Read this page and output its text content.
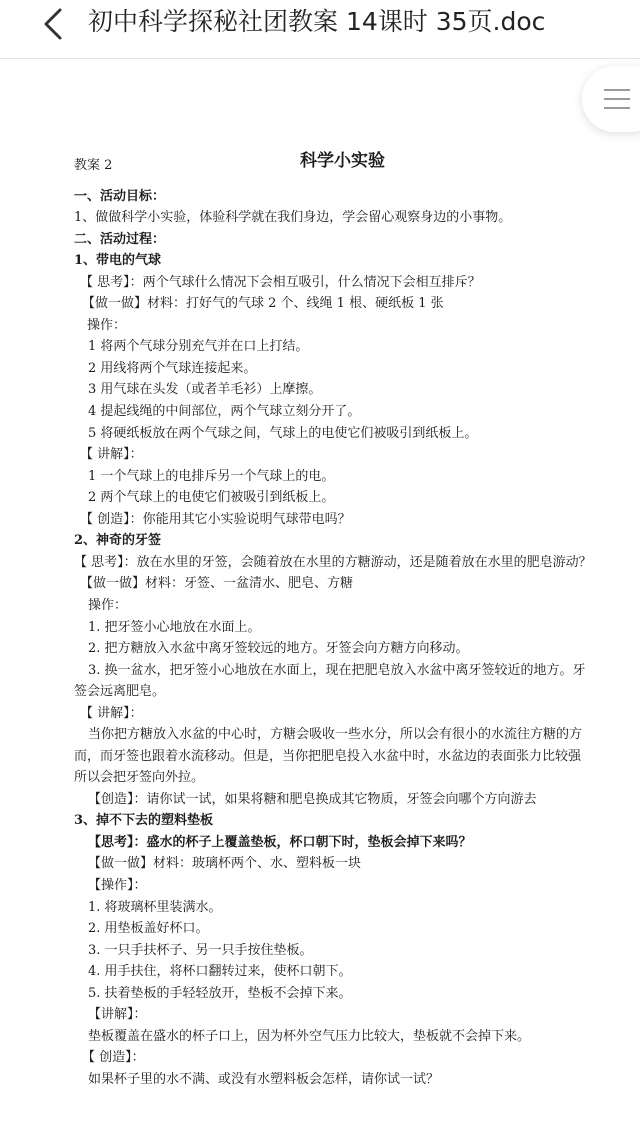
初中科学探秘社团教案 14课时 35页.doc
教案 2	科学小实验
一、活动目标：
1、做做科学小实验，体验科学就在我们身边，学会留心观察身边的小事物。
二、活动过程：
1、带电的气球
【 思考】：两个气球什么情况下会相互吸引，什么情况下会相互排斥？
【做一做】材料：打好气的气球 2 个、线绳 1 根、硬纸板 1 张
操作：
1 将两个气球分别充气并在口上打结。
2 用线将两个气球连接起来。
3 用气球在头发（或者羊毛衫）上摩擦。
4 提起线绳的中间部位，两个气球立刻分开了。
5 将硬纸板放在两个气球之间，气球上的电使它们被吸引到纸板上。
【 讲解】：
1 一个气球上的电排斥另一个气球上的电。
2 两个气球上的电使它们被吸引到纸板上。
【 创造】：你能用其它小实验说明气球带电吗？
2、神奇的牙签
【 思考】：放在水里的牙签，会随着放在水里的方糖游动，还是随着放在水里的肥皂游动？
【做一做】材料：牙签、一盆清水、肥皂、方糖
操作：
1. 把牙签小心地放在水面上。
2. 把方糖放入水盆中离牙签较远的地方。牙签会向方糖方向移动。
3. 换一盆水，把牙签小心地放在水面上，现在把肥皂放入水盆中离牙签较近的地方。牙
签会远离肥皂。
【 讲解】：
当你把方糖放入水盆的中心时，方糖会吸收一些水分，所以会有很小的水流往方糖的方
而，而牙签也跟着水流移动。但是，当你把肥皂投入水盆中时，水盆边的表面张力比较强
所以会把牙签向外拉。
【创造】：请你试一试，如果将糖和肥皂换成其它物质，牙签会向哪个方向游去
3、掉不下去的塑料垫板
【思考】：盛水的杯子上覆盖垫板，杯口朝下时，垫板会掉下来吗？
【做一做】材料：玻璃杯两个、水、塑料板一块
【操作】：
1. 将玻璃杯里装满水。
2. 用垫板盖好杯口。
3. 一只手扶杯子、另一只手按住垫板。
4. 用手扶住，将杯口翻转过来，使杯口朝下。
5. 扶着垫板的手轻轻放开，垫板不会掉下来。
【讲解】：
垫板覆盖在盛水的杯子口上，因为杯外空气压力比较大，垫板就不会掉下来。
【 创造】：
如果杯子里的水不满、或没有水塑料板会怎样，请你试一试？
